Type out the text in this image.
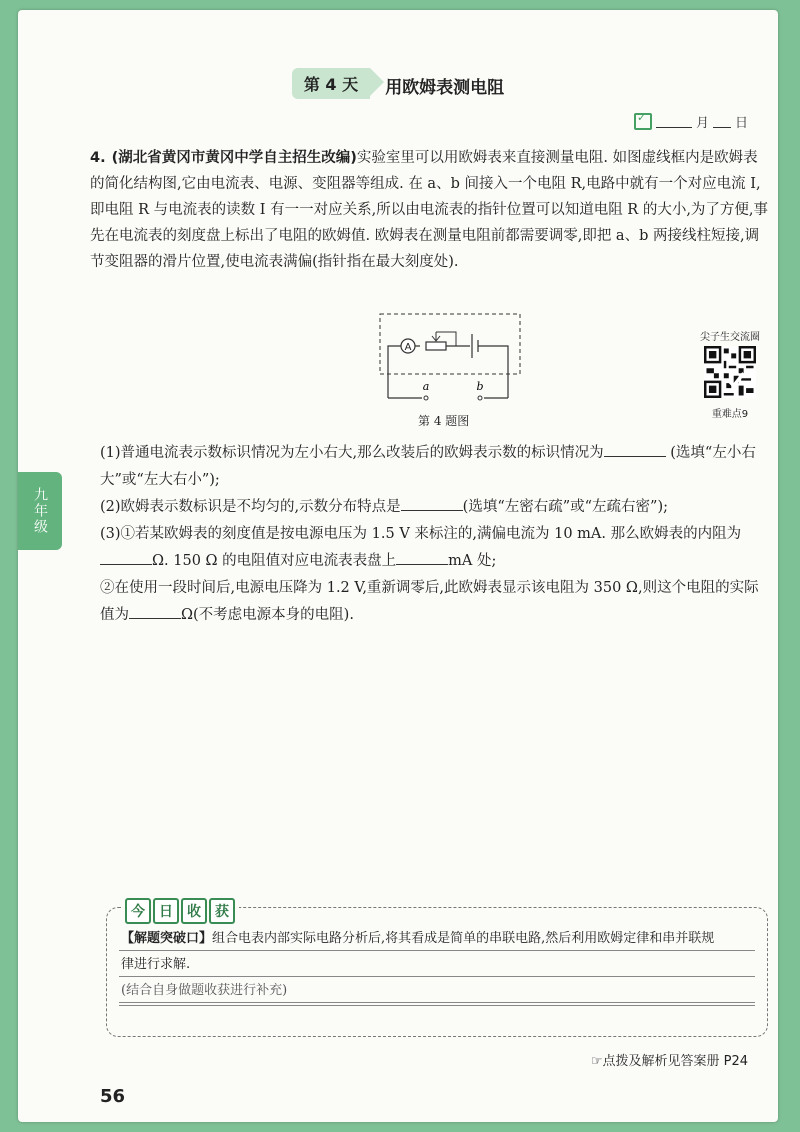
九年级
第 4 天 用欧姆表测电阻
✓
月 日
4. (湖北省黄冈市黄冈中学自主招生改编)实验室里可以用欧姆表来直接测量电阻. 如图虚线框内是欧姆表的简化结构图,它由电流表、电源、变阻器等组成. 在 a、b 间接入一个电阻 R,电路中就有一个对应电流 I,即电阻 R 与电流表的读数 I 有一一对应关系,所以由电流表的指针位置可以知道电阻 R 的大小,为了方便,事先在电流表的刻度盘上标出了电阻的欧姆值. 欧姆表在测量电阻前都需要调零,即把 a、b 两接线柱短接,调节变阻器的滑片位置,使电流表满偏(指针指在最大刻度处).
A
a	b
第 4 题图
尖子生交流圈
重难点9

(1)普通电流表示数标识情况为左小右大,那么改装后的欧姆表示数的标识情况为	(选填“左小右大”或“左大右小”);

(2)欧姆表示数标识是不均匀的,示数分布特点是	(选填“左密右疏”或“左疏右密”);

(3)①若某欧姆表的刻度值是按电源电压为 1.5 V 来标注的,满偏电流为 10 mA. 那么欧姆表的内阻为Ω. 150 Ω 的电阻值对应电流表表盘上	mA 处;

②在使用一段时间后,电源电压降为 1.2 V,重新调零后,此欧姆表显示该电阻为 350 Ω,则这个电阻的实际值为	Ω(不考虑电源本身的电阻).

今	日	收	获
【解题突破口】组合电表内部实际电路分析后,将其看成是简单的串联电路,然后利用欧姆定律和串并联规
律进行求解.
(结合自身做题收获进行补充)
☞点拨及解析见答案册 P24
56
